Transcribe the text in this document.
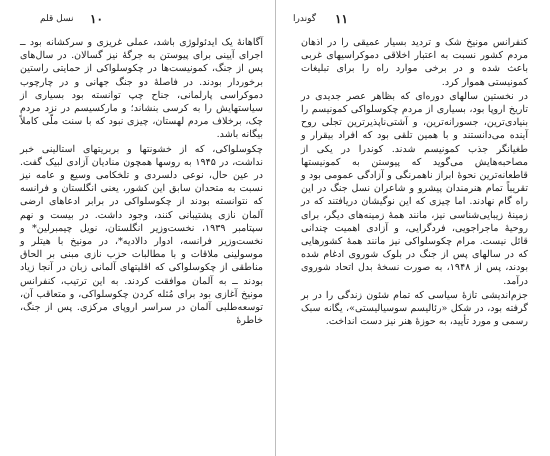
۱۰
نسل قلم

آگاهانهٔ یک ایدئولوژی باشد، عملی غریزی و سرکشانه بود ــ اجرای آیینی برای پیوستن به جرگهٔ نیز گسالان. در سال‌های پس از جنگ، کمونیست‌ها در چکوسلواکی از حمایتی راستین برخوردار بودند. در فاصلهٔ دو جنگ جهانی و در چارچوب دموکراسی پارلمانی، جناح چپ توانسته بود بسیاری از سیاستهایش را به کرسی بنشاند؛ و مارکسیسم در نزد مردم چک، برخلاف مردم لهستان، چیزی نبود که با سنت ملّی کاملاً بیگانه باشد.

چکوسلواکی، که از خشونتها و بربریتهای استالینی خبر نداشت، در ۱۹۴۵ به روسها همچون منادیان آزادی لبیک گفت. در عین حال، نوعی دلسردی و تلخکامی وسیع و عامه نیز نسبت به متحدان سابق این کشور، یعنی انگلستان و فرانسه که نتوانسته بودند از چکوسلواکی در برابر ادعاهای ارضی آلمان نازی پشتیبانی کنند، وجود داشت. در بیست و نهم سپتامبر ۱۹۳۹، نخست‌وزیر انگلستان، نویل چیمبرلین* و نخست‌وزیر فرانسه، ادوار دالادیه*، در مونیخ با هیتلر و موسولینی ملاقات و با مطالبات حزب نازی مبنی بر الحاق مناطقی از چکوسلواکی که اقلیتهای آلمانی زبان در آنجا زیاد بودند ــ به آلمان موافقت کردند. به این ترتیب، کنفرانس مونیخ آغازی بود برای مُثله کردن چکوسلواکی، و متعاقب آن، توسعه‌طلبی آلمان در سراسر اروپای مرکزی. پس از جنگ، خاطرهٔ

۱۱
گوندرا

کنفرانس مونیخ شک و تردید بسیار عمیقی را در اذهان مردم کشور نسبت به اعتبار اخلاقی دموکراسیهای غربی باعث شده و در برخی موارد راه را برای تبلیغات کمونیستی هموار کرد.

در نخستین سالهای دوره‌ای که بظاهر عصر جدیدی در تاریخ اروپا بود، بسیاری از مردم چکوسلواکی کمونیسم را بنیادی‌ترین، جسورانه‌ترین، و آشتی‌ناپذیرترین تجلی روح آینده می‌دانستند و با همین تلقی بود که افراد بیقرار و طغیانگر جذب کمونیسم شدند. کوندرا در یکی از مصاحبه‌هایش می‌گوید که پیوستن به کمونیستها قاطعانه‌ترین نحوهٔ ابراز ناهمرنگی و آزادگی عمومی بود و تقریباً تمام هنرمندان پیشرو و شاعران نسل جنگ در این راه گام نهادند. اما چیزی که این نوگیشان دریافتند که در زمینهٔ زیبایی‌شناسی نیز، مانند همهٔ زمینه‌های دیگر، برای روحیهٔ ماجراجویی، فردگرایی، و آزادی اهمیت چندانی قائل نیست. مرام چکوسلواکی نیز مانند همهٔ کشورهایی که در سالهای پس از جنگ در بلوک شوروی ادغام شده بودند، پس از ۱۹۴۸، به صورت نسخهٔ بدل اتحاد شوروی درآمد.

جزم‌اندیشی تازهٔ سیاسی که تمام شئون زندگی را در بر گرفته بود، در شکل «رئالیسم سوسیالیستی»، یگانه سبک رسمی و مورد تأیید، به حوزهٔ هنر نیز دست انداخت.
